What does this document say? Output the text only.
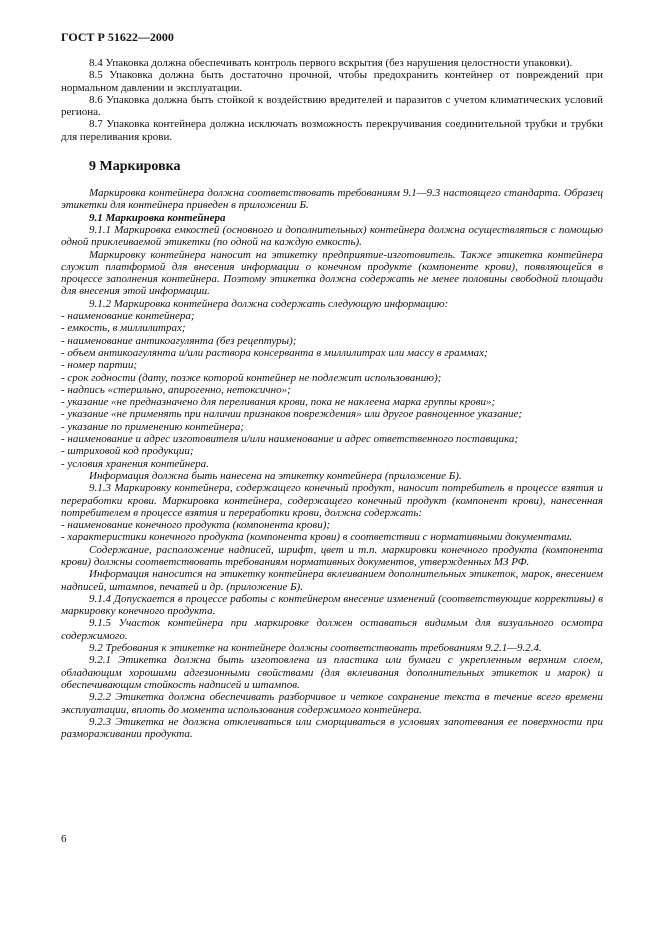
ГОСТ Р 51622—2000

8.4 Упаковка должна обеспечивать контроль первого вскрытия (без нарушения целостности упаковки).

8.5 Упаковка должна быть достаточно прочной, чтобы предохранить контейнер от повреждений при нормальном давлении и эксплуатации.

8.6 Упаковка должна быть стойкой к воздействию вредителей и паразитов с учетом климатических условий региона.

8.7 Упаковка контейнера должна исключать возможность перекручивания соединительной трубки и трубки для переливания крови.

9 Маркировка

Маркировка контейнера должна соответствовать требованиям 9.1—9.3 настоящего стандарта. Образец этикетки для контейнера приведен в приложении Б.

9.1 Маркировка контейнера

9.1.1 Маркировка емкостей (основного и дополнительных) контейнера должна осуществляться с помощью одной приклеиваемой этикетки (по одной на каждую емкость).

Маркировку контейнера наносит на этикетку предприятие-изготовитель. Также этикетка контейнера служит платформой для внесения информации о конечном продукте (компоненте крови), появляющейся в процессе заполнения контейнера. Поэтому этикетка должна содержать не менее половины свободной площади для внесения этой информации.

9.1.2 Маркировка контейнера должна содержать следующую информацию:

- наименование контейнера;

- емкость, в миллилитрах;

- наименование антикоагулянта (без рецептуры);

- объем антикоагулянта и/или раствора консерванта в миллилитрах или массу в граммах;

- номер партии;

- срок годности (дату, позже которой контейнер не подлежит использованию);

- надпись «стерильно, апирогенно, нетоксично»;

- указание «не предназначено для переливания крови, пока не наклеена марка группы крови»;

- указание «не применять при наличии признаков повреждения» или другое равноценное указание;

- указание по применению контейнера;

- наименование и адрес изготовителя и/или наименование и адрес ответственного поставщика;

- штриховой код продукции;

- условия хранения контейнера.

Информация должна быть нанесена на этикетку контейнера (приложение Б).

9.1.3 Маркировку контейнера, содержащего конечный продукт, наносит потребитель в процессе взятия и переработки крови. Маркировка контейнера, содержащего конечный продукт (компонент крови), нанесенная потребителем в процессе взятия и переработки крови, должна содержать:

- наименование конечного продукта (компонента крови);

- характеристики конечного продукта (компонента крови) в соответствии с нормативными документами.

Содержание, расположение надписей, шрифт, цвет и т.п. маркировки конечного продукта (компонента крови) должны соответствовать требованиям нормативных документов, утвержденных МЗ РФ.

Информация наносится на этикетку контейнера вклеиванием дополнительных этикеток, марок, внесением надписей, штампов, печатей и др. (приложение Б).

9.1.4 Допускается в процессе работы с контейнером внесение изменений (соответствующие коррективы) в маркировку конечного продукта.

9.1.5 Участок контейнера при маркировке должен оставаться видимым для визуального осмотра содержимого.

9.2 Требования к этикетке на контейнере должны соответствовать требованиям 9.2.1—9.2.4.

9.2.1 Этикетка должна быть изготовлена из пластика или бумаги с укрепленным верхним слоем, обладающим хорошими адгезионными свойствами (для вклеивания дополнительных этикеток и марок) и обеспечивающим стойкость надписей и штампов.

9.2.2 Этикетка должна обеспечивать разборчивое и четкое сохранение текста в течение всего времени эксплуатации, вплоть до момента использования содержимого контейнера.

9.2.3 Этикетка не должна отклеиваться или сморщиваться в условиях запотевания ее поверхности при размораживании продукта.

6
